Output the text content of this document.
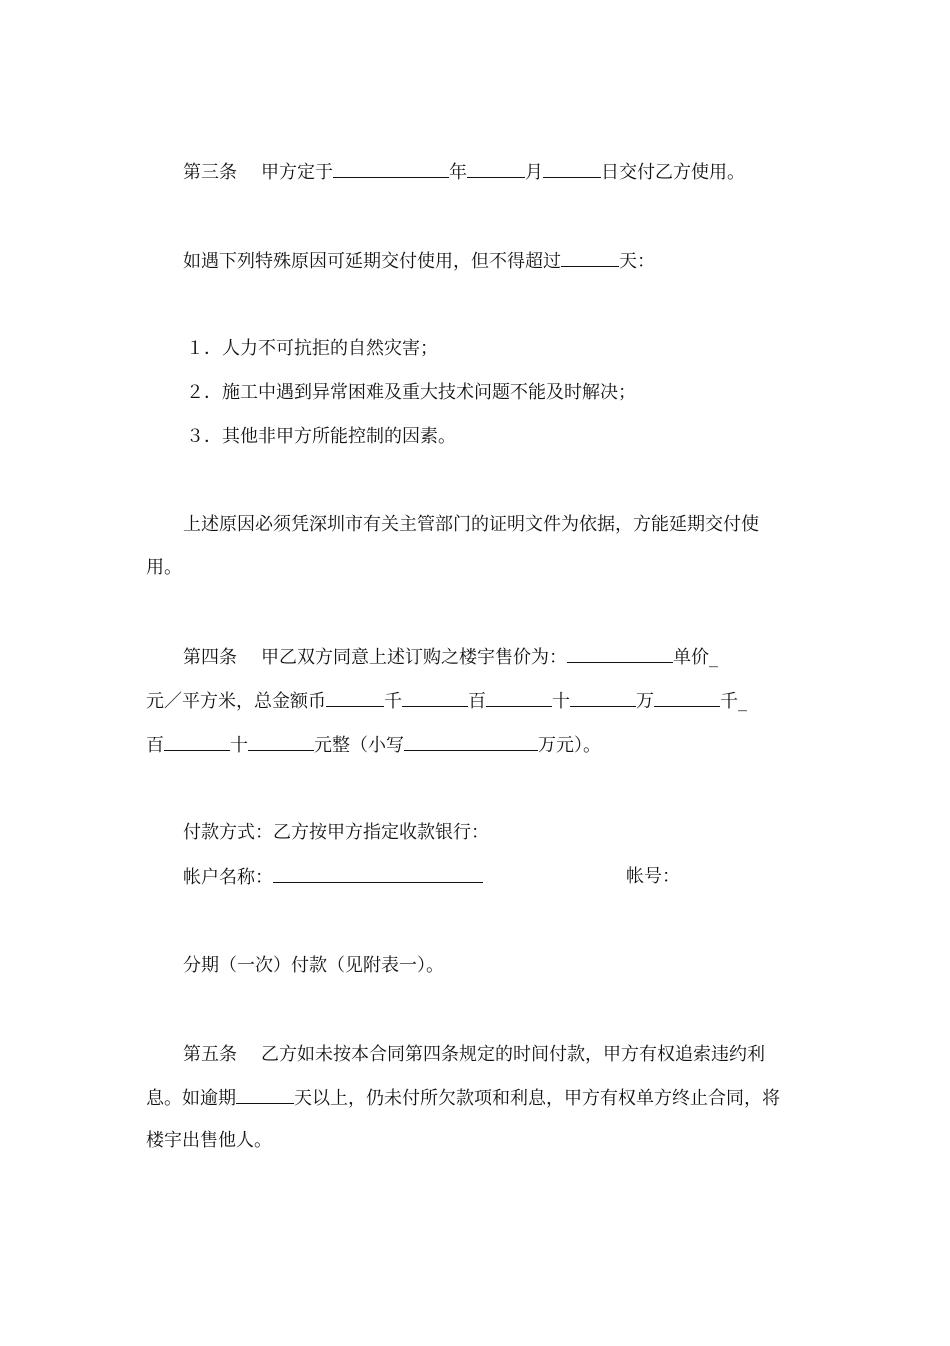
第三条 甲方定于	年	月	日交付乙方使用。
如遇下列特殊原因可延期交付使用，但不得超过	天：
１．人力不可抗拒的自然灾害；
２．施工中遇到异常困难及重大技术问题不能及时解决；
３．其他非甲方所能控制的因素。
上述原因必须凭深圳市有关主管部门的证明文件为依据，方能延期交付使
用。
第四条 甲乙双方同意上述订购之楼宇售价为：	单价_
元／平方米，总金额币	千	百	十	万	千_
百	十	元整（小写	万元）。
付款方式：乙方按甲方指定收款银行：
帐户名称：	帐号：
分期（一次）付款（见附表一）。
第五条 乙方如未按本合同第四条规定的时间付款，甲方有权追索违约利
息。如逾期	天以上，仍未付所欠款项和利息，甲方有权单方终止合同，将
楼宇出售他人。
